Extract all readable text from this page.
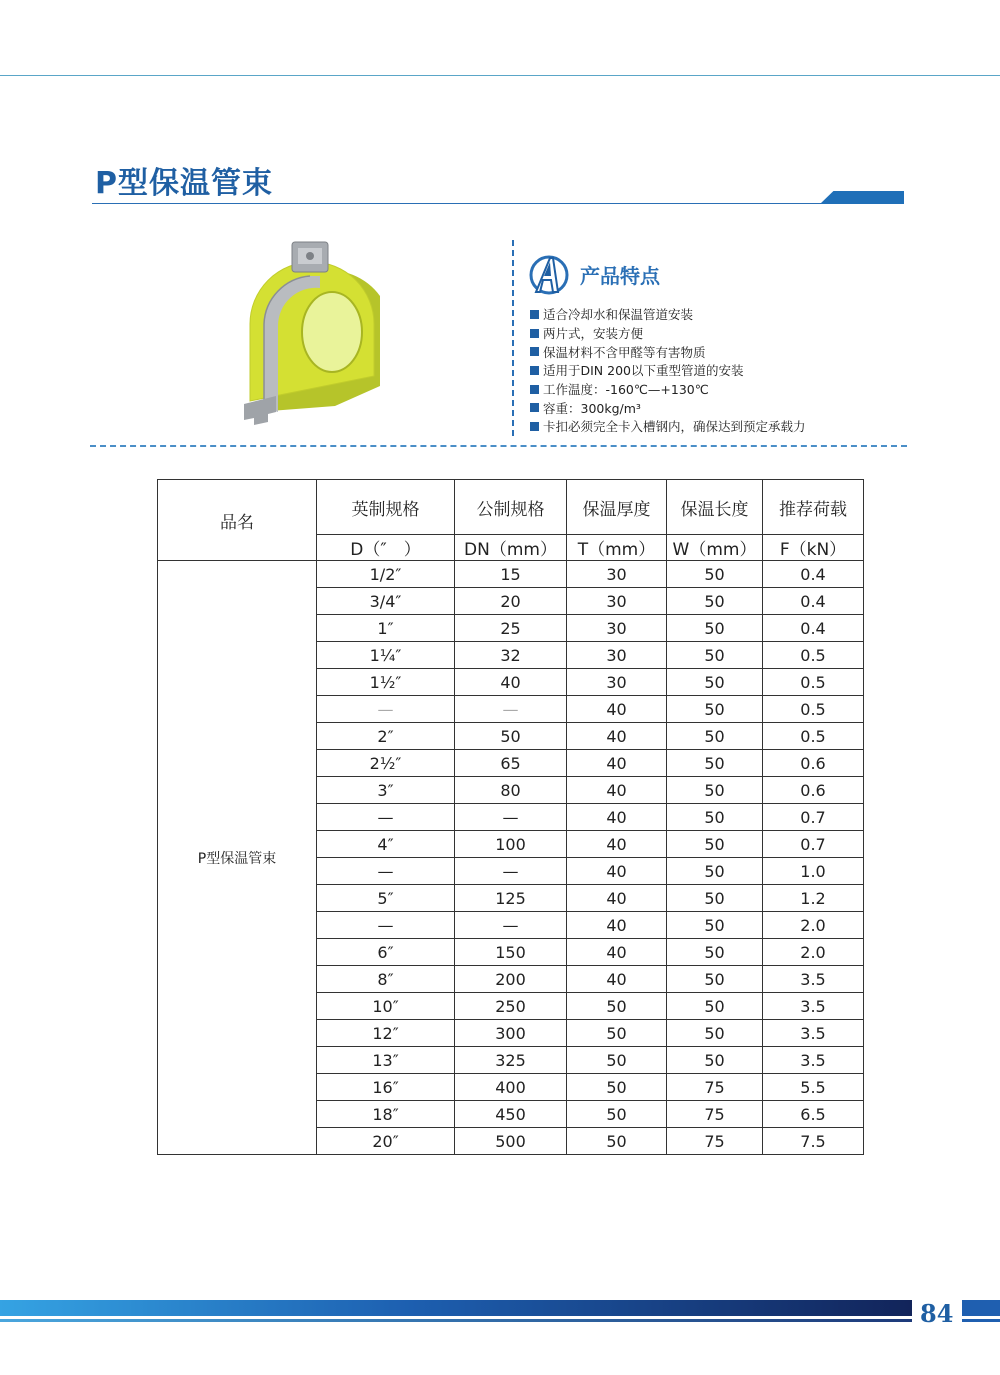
P型保温管束
产品特点
适合冷却水和保温管道安装
两片式，安装方便
保温材料不含甲醛等有害物质
适用于DIN 200以下重型管道的安装
工作温度：-160℃—+130℃
容重：300kg/m³
卡扣必须完全卡入槽钢内，确保达到预定承载力
品名	英制规格	公制规格	保温厚度	保温长度	推荐荷载
	D（″　）	DN（mm）	T（mm）	W（mm）	F（kN）
P型保温管束	1/2″	15	30	50	0.4
	3/4″	20	30	50	0.4
	1″	25	30	50	0.4
	1¼″	32	30	50	0.5
	1½″	40	30	50	0.5
	—	—	40	50	0.5
	2″	50	40	50	0.5
	2½″	65	40	50	0.6
	3″	80	40	50	0.6
	—	—	40	50	0.7
	4″	100	40	50	0.7
	—	—	40	50	1.0
	5″	125	40	50	1.2
	—	—	40	50	2.0
	6″	150	40	50	2.0
	8″	200	40	50	3.5
	10″	250	50	50	3.5
	12″	300	50	50	3.5
	13″	325	50	50	3.5
	16″	400	50	75	5.5
	18″	450	50	75	6.5
	20″	500	50	75	7.5
84
